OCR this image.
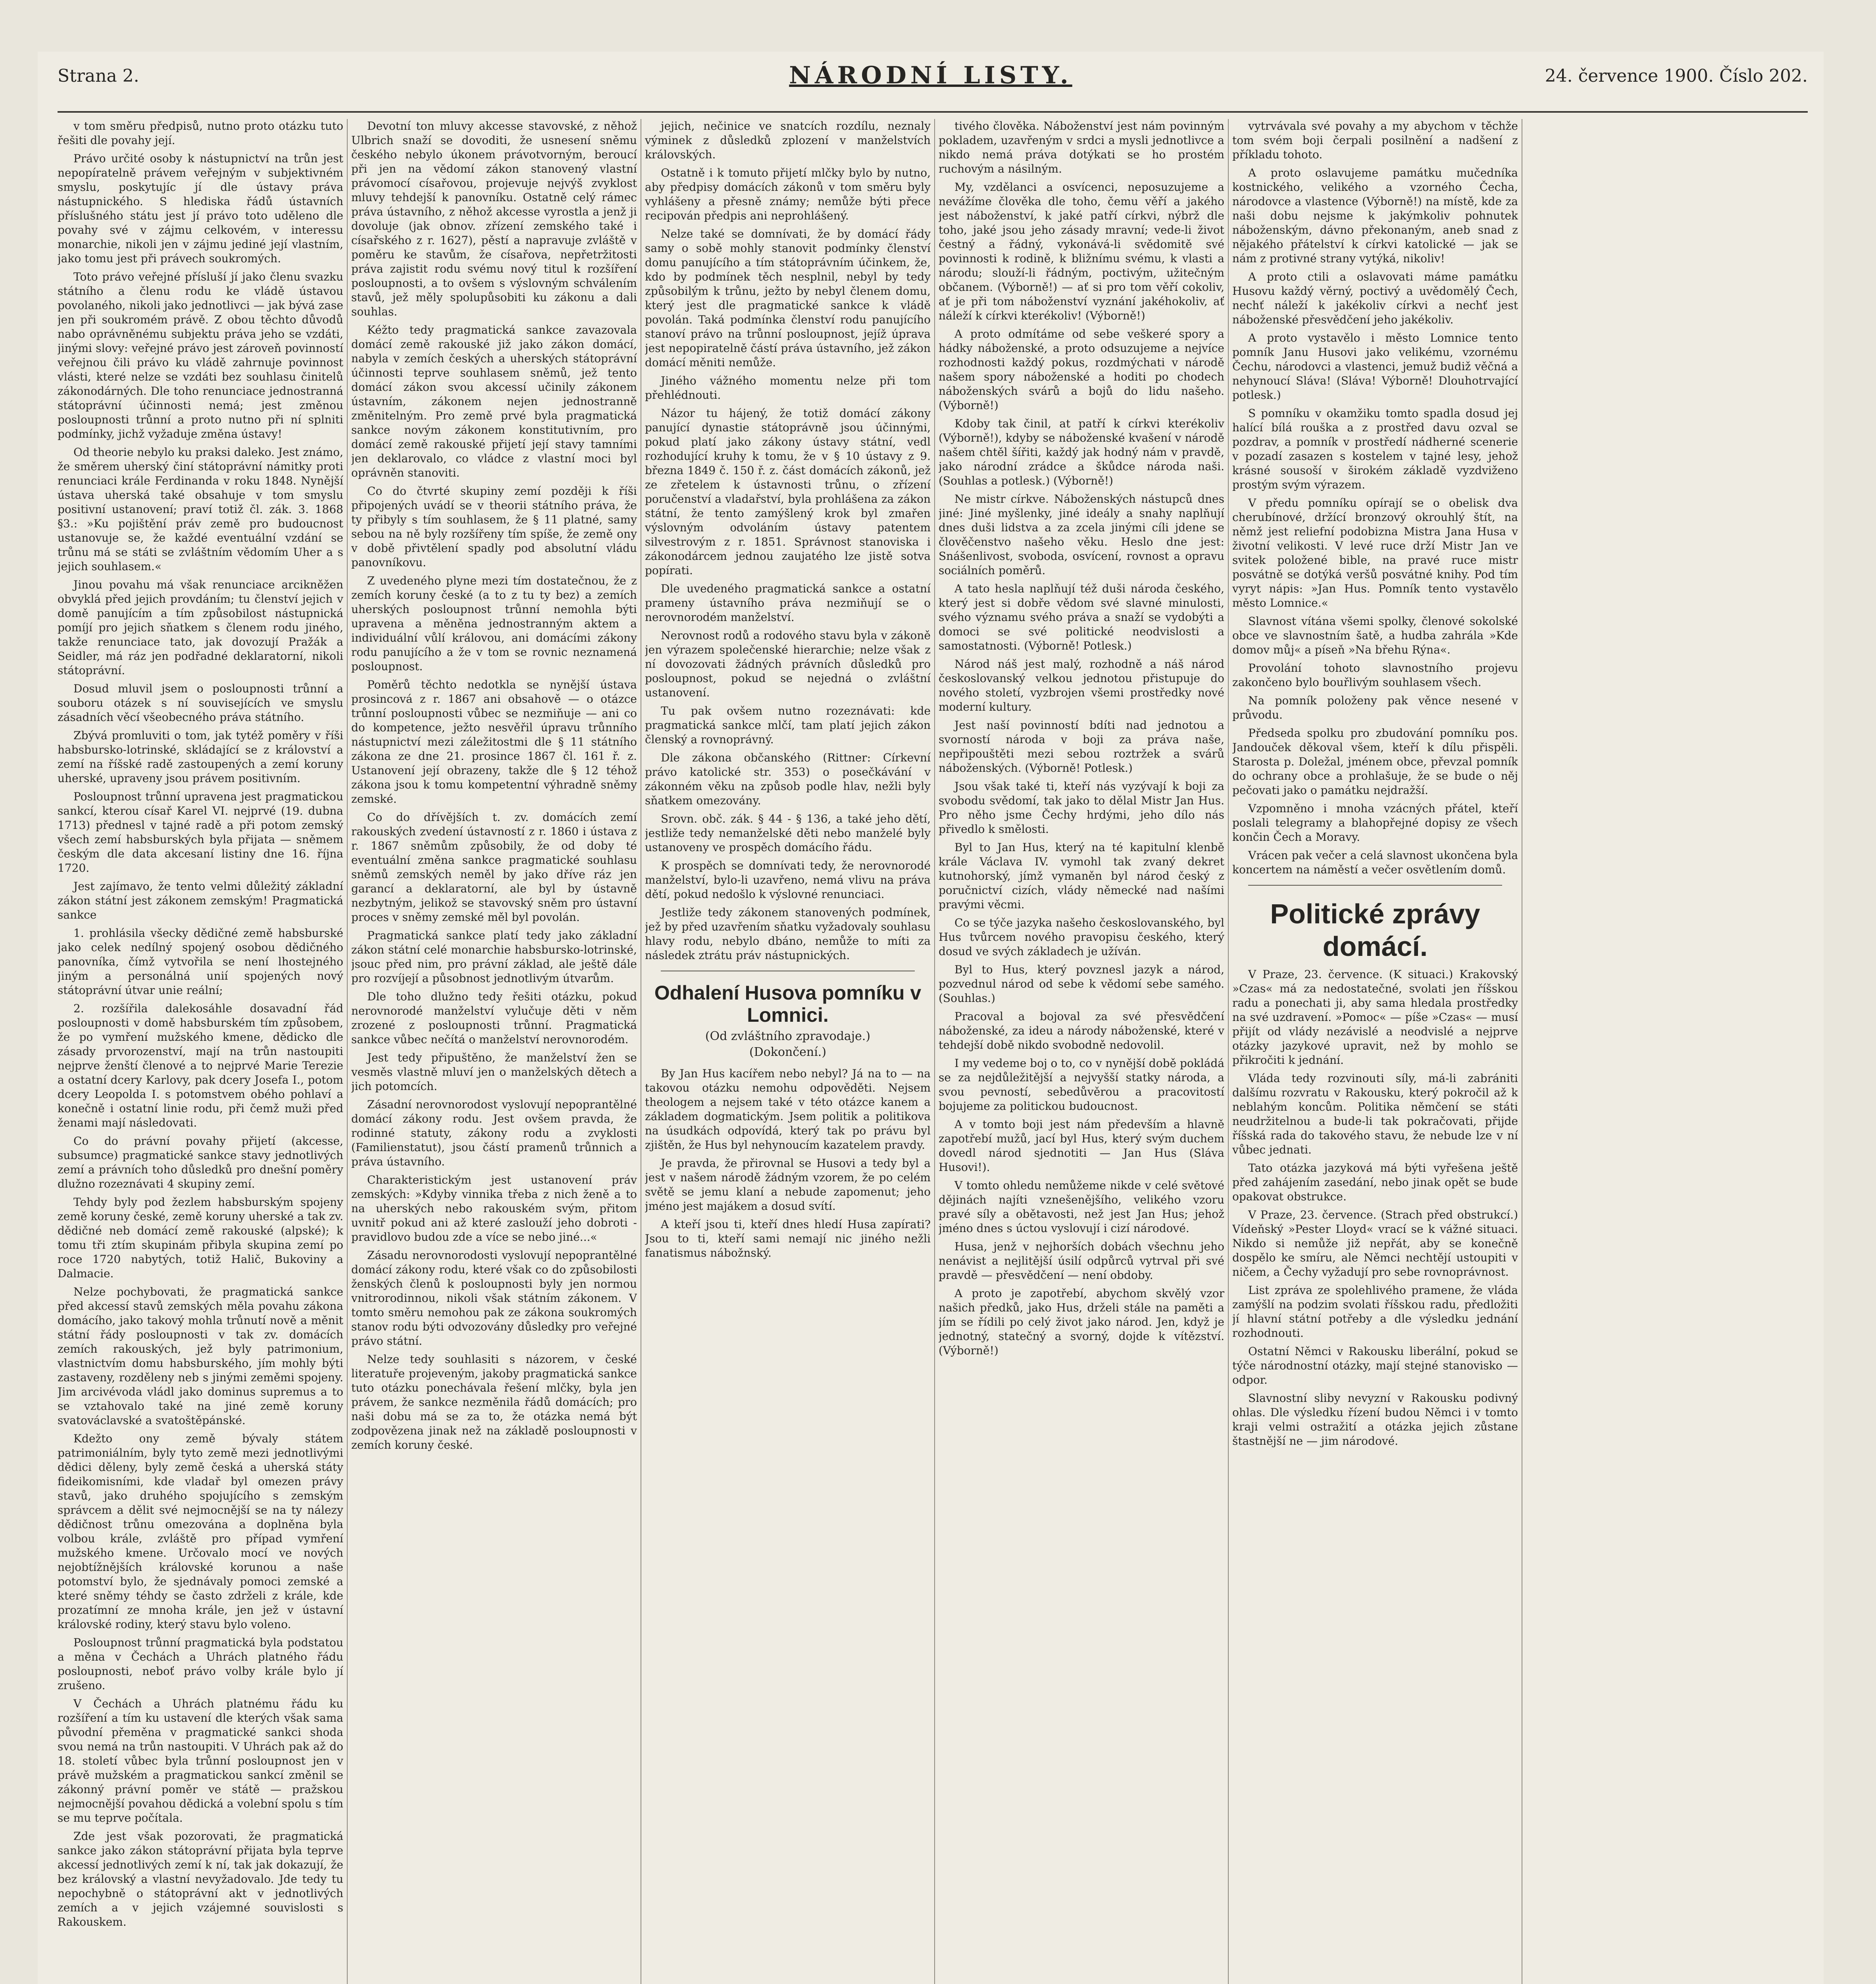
Strana 2.	NÁRODNÍ LISTY.	24. července 1900. Číslo 202.

v tom směru předpisů, nutno proto otázku tuto řešiti dle povahy její.

Právo určité osoby k nástupnictví na trůn jest nepopíratelně právem veřejným v subjektivném smyslu, poskytujíc jí dle ústavy práva nástupnického. S hlediska řádů ústavních příslušného státu jest jí právo toto uděleno dle povahy své v zájmu celkovém, v interessu monarchie, nikoli jen v zájmu jediné její vlastním, jako tomu jest při právech soukromých.

Toto právo veřejné přísluší jí jako členu svazku státního a členu rodu ke vládě ústavou povolaného, nikoli jako jednotlivci — jak bývá zase jen při soukromém právě. Z obou těchto důvodů nabo oprávněnému subjektu práva jeho se vzdáti, jinými slovy: veřejné právo jest zároveň povinností veřejnou čili právo ku vládě zahrnuje povinnost vlásti, které nelze se vzdáti bez souhlasu činitelů zákonodárných. Dle toho renunciace jednostranná státoprávní účinnosti nemá; jest změnou posloupnosti trůnní a proto nutno při ní splniti podmínky, jichž vyžaduje změna ústavy!

Od theorie nebylo ku praksi daleko. Jest známo, že směrem uherský činí státoprávní námitky proti renunciaci krále Ferdinanda v roku 1848. Nynější ústava uherská také obsahuje v tom smyslu positivní ustanovení; praví totiž čl. zák. 3. 1868 §3.: »Ku pojištění práv země pro budoucnost ustanovuje se, že každé eventuální vzdání se trůnu má se státi se zvláštním vědomím Uher a s jejich souhlasem.«

Jinou povahu má však renunciace arcikněžen obvyklá před jejich provdáním; tu členství jejich v domě panujícím a tím způsobilost nástupnická pomíjí pro jejich sňatkem s členem rodu jiného, takže renunciace tato, jak dovozují Pražák a Seidler, má ráz jen podřadné deklaratorní, nikoli státoprávní.

Dosud mluvil jsem o posloupnosti trůnní a souboru otázek s ní souvisejících ve smyslu zásadních věcí všeobecného práva státního.

Zbývá promluviti o tom, jak tytéž poměry v říši habsbursko-lotrinské, skládající se z království a zemí na říšské radě zastoupených a zemí koruny uherské, upraveny jsou právem positivním.

Posloupnost trůnní upravena jest pragmatickou sankcí, kterou císař Karel VI. nejprvé (19. dubna 1713) přednesl v tajné radě a při potom zemský všech zemí habsburských byla přijata — sněmem českým dle data akcesaní listiny dne 16. října 1720.

Jest zajímavo, že tento velmi důležitý základní zákon státní jest zákonem zemským! Pragmatická sankce

1. prohlásila všecky dědičné země habsburské jako celek nedílný spojený osobou dědičného panovníka, čímž vytvořila se není lhostejného jiným a personálná unií spojených nový státoprávní útvar unie reální;

2. rozšířila dalekosáhle dosavadní řád posloupnosti v domě habsburském tím způsobem, že po vymření mužského kmene, dědicko dle zásady prvorozenství, mají na trůn nastoupiti nejprve ženští členové a to nejprvé Marie Terezie a ostatní dcery Karlovy, pak dcery Josefa I., potom dcery Leopolda I. s potomstvem obého pohlaví a konečně i ostatní linie rodu, při čemž muži před ženami mají následovati.

Co do právní povahy přijetí (akcesse, subsumce) pragmatické sankce stavy jednotlivých zemí a právních toho důsledků pro dnešní poměry dlužno rozeznávati 4 skupiny zemí.

Tehdy byly pod žezlem habsburským spojeny země koruny české, země koruny uherské a tak zv. dědičné neb domácí země rakouské (alpské); k tomu tři ztím skupinám přibyla skupina zemí po roce 1720 nabytých, totiž Halič, Bukoviny a Dalmacie.

Nelze pochybovati, že pragmatická sankce před akcessí stavů zemských měla povahu zákona domácího, jako takový mohla trůnutí nově a měnit státní řády posloupnosti v tak zv. domácích zemích rakouských, jež byly patrimonium, vlastnictvím domu habsburského, jím mohly býti zastaveny, rozděleny neb s jinými zeměmi spojeny. Jim arcivévoda vládl jako dominus supremus a to se vztahovalo také na jiné země koruny svatováclavské a svatoštěpánské.

Kdežto ony země bývaly státem patrimoniálním, byly tyto země mezi jednotlivými dědici děleny, byly země česká a uherská státy fideikomisními, kde vladař byl omezen právy stavů, jako druhého spojujícího s zemským správcem a dělit své nejmocnější se na ty nálezy dědičnost trůnu omezována a doplněna byla volbou krále, zvláště pro případ vymření mužského kmene. Určovalo mocí ve nových nejobtížnějších královské korunou a naše potomství bylo, že sjednávaly pomoci zemské a které sněmy téhdy se často zdrželi z krále, kde prozatímní ze mnoha krále, jen jež v ústavní královské rodiny, který stavu bylo voleno.

Posloupnost trůnní pragmatická byla podstatou a měna v Čechách a Uhrách platného řádu posloupnosti, neboť právo volby krále bylo jí zrušeno.

V Čechách a Uhrách platnému řádu ku rozšíření a tím ku ustavení dle kterých však sama původní přeměna v pragmatické sankci shoda svou nemá na trůn nastoupiti. V Uhrách pak až do 18. století vůbec byla trůnní posloupnost jen v právě mužském a pragmatickou sankcí změnil se zákonný právní poměr ve státě — pražskou nejmocnější povahou dědická a volební spolu s tím se mu teprve počítala.

Zde jest však pozorovati, že pragmatická sankce jako zákon státoprávní přijata byla teprve akcessí jednotlivých zemí k ní, tak jak dokazují, že bez královský a vlastní nevyžadovalo. Jde tedy tu nepochybně o státoprávní akt v jednotlivých zemích a v jejich vzájemné souvislosti s Rakouskem.

Devotní ton mluvy akcesse stavovské, z něhož Ulbrich snaží se dovoditi, že usnesení sněmu českého nebylo úkonem právotvorným, beroucí při jen na vědomí zákon stanovený vlastní právomocí císařovou, projevuje nejvýš zvyklost mluvy tehdejší k panovníku. Ostatně celý rámec práva ústavního, z něhož akcesse vyrostla a jenž ji dovoluje (jak obnov. zřízení zemského také i císařského z r. 1627), pěstí a napravuje zvláště v poměru ke stavům, že císařova, nepřetržitosti práva zajistit rodu svému nový titul k rozšíření posloupnosti, a to ovšem s výslovným schválením stavů, jež měly spolupůsobiti ku zákonu a dali souhlas.

Kéžto tedy pragmatická sankce zavazovala domácí země rakouské již jako zákon domácí, nabyla v zemích českých a uherských státoprávní účinnosti teprve souhlasem sněmů, jež tento domácí zákon svou akcessí učinily zákonem ústavním, zákonem nejen jednostranně změnitelným. Pro země prvé byla pragmatická sankce novým zákonem konstitutivním, pro domácí země rakouské přijetí její stavy tamními jen deklarovalo, co vládce z vlastní moci byl oprávněn stanoviti.

Co do čtvrté skupiny zemí později k říši připojených uvádí se v theorii státního práva, že ty přibyly s tím souhlasem, že § 11 platné, samy sebou na ně byly rozšířeny tím spíše, že země ony v době přivtělení spadly pod absolutní vládu panovníkovu.

Z uvedeného plyne mezi tím dostatečnou, že z zemích koruny české (a to z tu ty bez) a zemích uherských posloupnost trůnní nemohla býti upravena a měněna jednostranným aktem a individuální vůlí královou, ani domácími zákony rodu panujícího a že v tom se rovnic neznamená posloupnost.

Poměrů těchto nedotkla se nynější ústava prosincová z r. 1867 ani obsahově — o otázce trůnní posloupnosti vůbec se nezmiňuje — ani co do kompetence, ježto nesvěřil úpravu trůnního nástupnictví mezi záležitostmi dle § 11 státního zákona ze dne 21. prosince 1867 čl. 161 ř. z. Ustanovení její obrazeny, takže dle § 12 téhož zákona jsou k tomu kompetentní výhradně sněmy zemské.

Co do dřívějších t. zv. domácích zemí rakouských zvedení ústavností z r. 1860 i ústava z r. 1867 sněmům způsobily, že od doby té eventuální změna sankce pragmatické souhlasu sněmů zemských neměl by jako dříve ráz jen garancí a deklaratorní, ale byl by ústavně nezbytným, jelikož se stavovský sněm pro ústavní proces v sněmy zemské měl byl povolán.

Pragmatická sankce platí tedy jako základní zákon státní celé monarchie habsbursko-lotrinské, jsouc před nim, pro právní základ, ale ještě dále pro rozvíjejí a působnost jednotlivým útvarům.

Dle toho dlužno tedy řešiti otázku, pokud nerovnorodé manželství vylučuje děti v něm zrozené z posloupnosti trůnní. Pragmatická sankce vůbec nečítá o manželství nerovnorodém.

Jest tedy připuštěno, že manželství žen se vesměs vlastně mluví jen o manželských dětech a jich potomcích.

Zásadní nerovnorodost vyslovují nepoprantělné domácí zákony rodu. Jest ovšem pravda, že rodinné statuty, zákony rodu a zvyklosti (Familienstatut), jsou částí pramenů trůnnich a práva ústavního.

Charakteristickým jest ustanovení práv zemských: »Kdyby vinnika třeba z nich ženě a to na uherských nebo rakouském svým, přitom uvnitř pokud ani až které zaslouží jeho dobroti - pravidlovo budou zde a více se nebo jiné...«

Zásadu nerovnorodosti vyslovují nepoprantělné domácí zákony rodu, které však co do způsobilosti ženských členů k posloupnosti byly jen normou vnitrorodinnou, nikoli však státním zákonem. V tomto směru nemohou pak ze zákona soukromých stanov rodu býti odvozovány důsledky pro veřejné právo státní.

Nelze tedy souhlasiti s názorem, v české literatuře projeveným, jakoby pragmatická sankce tuto otázku ponechávala řešení mlčky, byla jen právem, že sankce nezměnila řádů domácích; pro naši dobu má se za to, že otázka nemá být zodpovězena jinak než na základě posloupnosti v zemích koruny české.

jejich, nečinice ve snatcích rozdílu, neznaly výminek z důsledků zplození v manželstvích královských.

Ostatně i k tomuto přijetí mlčky bylo by nutno, aby předpisy domácích zákonů v tom směru byly vyhlášeny a přesně známy; nemůže býti přece recipován předpis ani neprohlášený.

Nelze také se domnívati, že by domácí řády samy o sobě mohly stanovit podmínky členství domu panujícího a tím státoprávním účinkem, že, kdo by podmínek těch nesplnil, nebyl by tedy způsobilým k trůnu, ježto by nebyl členem domu, který jest dle pragmatické sankce k vládě povolán. Taká podmínka členství rodu panujícího stanoví právo na trůnní posloupnost, jejíž úprava jest nepopiratelně částí práva ústavního, jež zákon domácí měniti nemůže.

Jiného vážného momentu nelze při tom přehlédnouti.

Názor tu hájený, že totiž domácí zákony panující dynastie státoprávně jsou účinnými, pokud platí jako zákony ústavy státní, vedl rozhodující kruhy k tomu, že v § 10 ústavy z 9. března 1849 č. 150 ř. z. část domácích zákonů, jež ze zřetelem k ústavnosti trůnu, o zřízení poručenství a vladařství, byla prohlášena za zákon státní, že tento zamýšlený krok byl zmařen výslovným odvoláním ústavy patentem silvestrovým z r. 1851. Správnost stanoviska i zákonodárcem jednou zaujatého lze jistě sotva popírati.

Dle uvedeného pragmatická sankce a ostatní prameny ústavního práva nezmiňují se o nerovnorodém manželství.

Nerovnost rodů a rodového stavu byla v zákoně jen výrazem společenské hierarchie; nelze však z ní dovozovati žádných právních důsledků pro posloupnost, pokud se nejedná o zvláštní ustanovení.

Tu pak ovšem nutno rozeznávati: kde pragmatická sankce mlčí, tam platí jejich zákon členský a rovnoprávný.

Dle zákona občanského (Rittner: Církevní právo katolické str. 353) o posečkávání v zákonném věku na způsob podle hlav, nežli byly sňatkem omezovány.

Srovn. obč. zák. § 44 - § 136, a také jeho dětí, jestliže tedy nemanželské děti nebo manželé byly ustanoveny ve prospěch domácího řádu.

K prospěch se domnívati tedy, že nerovnorodé manželství, bylo-li uzavřeno, nemá vlivu na práva dětí, pokud nedošlo k výslovné renunciaci.

Jestliže tedy zákonem stanovených podmínek, jež by před uzavřením sňatku vyžadovaly souhlasu hlavy rodu, nebylo dbáno, nemůže to míti za následek ztrátu práv nástupnických.

Odhalení Husova pomníku v Lomnici.
(Od zvláštního zpravodaje.)
(Dokončení.)

By Jan Hus kacířem nebo nebyl? Já na to — na takovou otázku nemohu odpověděti. Nejsem theologem a nejsem také v této otázce kanem a základem dogmatickým. Jsem politik a politikova na úsudkách odpovídá, který tak po právu byl zjištěn, že Hus byl nehynoucím kazatelem pravdy.

Je pravda, že přirovnal se Husovi a tedy byl a jest v našem národě žádným vzorem, že po celém světě se jemu klaní a nebude zapomenut; jeho jméno jest majákem a dosud svítí.

A kteří jsou ti, kteří dnes hledí Husa zapírati? Jsou to ti, kteří sami nemají nic jiného nežli fanatismus nábožnský.

tivého člověka. Náboženství jest nám povinným pokladem, uzavřeným v srdci a mysli jednotlivce a nikdo nemá práva dotýkati se ho prostém ruchovým a násilným.

My, vzdělanci a osvícenci, neposuzujeme a nevážíme člověka dle toho, čemu věří a jakého jest náboženství, k jaké patří církvi, nýbrž dle toho, jaké jsou jeho zásady mravní; vede-li život čestný a řádný, vykonává-li svědomitě své povinnosti k rodině, k bližnímu svému, k vlasti a národu; slouží-li řádným, poctivým, užitečným občanem. (Výborně!) — ať si pro tom věří cokoliv, ať je při tom náboženství vyznání jakéhokoliv, ať náleží k církvi kterékoliv! (Výborně!)

A proto odmítáme od sebe veškeré spory a hádky náboženské, a proto odsuzujeme a nejvíce rozhodnosti každý pokus, rozdmýchati v národě našem spory náboženské a hoditi po chodech náboženských svárů a bojů do lidu našeho. (Výborně!)

Kdoby tak činil, at patří k církvi kterékoliv (Výborně!), kdyby se náboženské kvašení v národě našem chtěl šířiti, každý jak hodný nám v pravdě, jako národní zrádce a škůdce národa naši. (Souhlas a potlesk.) (Výborně!)

Ne mistr církve. Náboženských nástupců dnes jiné: Jiné myšlenky, jiné ideály a snahy naplňují dnes duši lidstva a za zcela jinými cíli jdene se člověčenstvo našeho věku. Heslo dne jest: Snášenlivost, svoboda, osvícení, rovnost a opravu sociálních poměrů.

A tato hesla naplňují též duši národa českého, který jest si dobře vědom své slavné minulosti, svého významu svého práva a snaží se vydobýti a domoci se své politické neodvislosti a samostatnosti. (Výborně! Potlesk.)

Národ náš jest malý, rozhodně a náš národ českoslovanský velkou jednotou přistupuje do nového století, vyzbrojen všemi prostředky nové moderní kultury.

Jest naší povinností bdíti nad jednotou a svorností národa v boji za práva naše, nepřipouštěti mezi sebou roztržek a svárů náboženských. (Výborně! Potlesk.)

Jsou však také ti, kteří nás vyzývají k boji za svobodu svědomí, tak jako to dělal Mistr Jan Hus. Pro něho jsme Čechy hrdými, jeho dílo nás přivedlo k smělosti.

Byl to Jan Hus, který na té kapitulní klenbě krále Václava IV. vymohl tak zvaný dekret kutnohorský, jímž vymaněn byl národ český z poručnictví cizích, vlády německé nad našími pravými věcmi.

Co se týče jazyka našeho českoslovanského, byl Hus tvůrcem nového pravopisu českého, který dosud ve svých základech je užíván.

Byl to Hus, který povznesl jazyk a národ, pozvednul národ od sebe k vědomí sebe samého. (Souhlas.)

Pracoval a bojoval za své přesvědčení náboženské, za ideu a národy náboženské, které v tehdejší době nikdo svobodně nedovolil.

I my vedeme boj o to, co v nynější době pokládá se za nejdůležitější a nejvyšší statky národa, a svou pevností, sebedůvěrou a pracovitostí bojujeme za politickou budoucnost.

A v tomto boji jest nám především a hlavně zapotřebí mužů, jací byl Hus, který svým duchem dovedl národ sjednotiti — Jan Hus (Sláva Husovi!).

V tomto ohledu nemůžeme nikde v celé světové dějinách najíti vznešenějšího, velikého vzoru pravé síly a obětavosti, než jest Jan Hus; jehož jméno dnes s úctou vyslovují i cizí národové.

Husa, jenž v nejhorších dobách všechnu jeho nenávist a nejlitější úsilí odpůrců vytrval při své pravdě — přesvědčení — není obdoby.

A proto je zapotřebí, abychom skvělý vzor našich předků, jako Hus, drželi stále na paměti a jím se řídili po celý život jako národ. Jen, když je jednotný, statečný a svorný, dojde k vítězství. (Výborně!)

vytrvávala své povahy a my abychom v těchže tom svém boji čerpali posilnění a nadšení z příkladu tohoto.

A proto oslavujeme památku mučedníka kostnického, velikého a vzorného Čecha, národovce a vlastence (Výborně!) na místě, kde za naši dobu nejsme k jakýmkoliv pohnutek náboženským, dávno překonaným, aneb snad z nějakého přátelství k církvi katolické — jak se nám z protivné strany vytýká, nikoliv!

A proto ctili a oslavovati máme památku Husovu každý věrný, poctivý a uvědomělý Čech, nechť náleží k jakékoliv církvi a nechť jest náboženské přesvědčení jeho jakékoliv.

A proto vystavělo i město Lomnice tento pomník Janu Husovi jako velikému, vzornému Čechu, národovci a vlastenci, jemuž budiž věčná a nehynoucí Sláva! (Sláva! Výborně! Dlouhotrvající potlesk.)

S pomníku v okamžiku tomto spadla dosud jej halící bílá rouška a z prostřed davu ozval se pozdrav, a pomník v prostředí nádherné scenerie v pozadí zasazen s kostelem v tajné lesy, jehož krásné sousoší v širokém základě vyzdviženo prostým svým výrazem.

V předu pomníku opírají se o obelisk dva cherubínové, držící bronzový okrouhlý štít, na němž jest reliefní podobizna Mistra Jana Husa v životní velikosti. V levé ruce drží Mistr Jan ve svitek položené bible, na pravé ruce mistr posvátně se dotýká veršů posvátné knihy. Pod tím vyryt nápis: »Jan Hus. Pomník tento vystavělo město Lomnice.«

Slavnost vítána všemi spolky, členové sokolské obce ve slavnostním šatě, a hudba zahrála »Kde domov můj« a píseň »Na břehu Rýna«.

Provolání tohoto slavnostního projevu zakončeno bylo bouřlivým souhlasem všech.

Na pomník položeny pak věnce nesené v průvodu.

Předseda spolku pro zbudování pomníku pos. Jandouček děkoval všem, kteří k dílu přispěli. Starosta p. Doležal, jménem obce, převzal pomník do ochrany obce a prohlašuje, že se bude o něj pečovati jako o památku nejdražší.

Vzpomněno i mnoha vzácných přátel, kteří poslali telegramy a blahopřejné dopisy ze všech končin Čech a Moravy.

Vrácen pak večer a celá slavnost ukončena byla koncertem na náměstí a večer osvětlením domů.

Politické zprávy domácí.

V Praze, 23. července. (K situaci.) Krakovský »Czas« má za nedostatečné, svolati jen říšskou radu a ponechati ji, aby sama hledala prostředky na své uzdravení. »Pomoc« — píše »Czas« — musí přijít od vlády nezávislé a neodvislé a nejprve otázky jazykové upravit, než by mohlo se přikročiti k jednání.

Vláda tedy rozvinouti síly, má-li zabrániti dalšímu rozvratu v Rakousku, který pokročil až k neblahým koncům. Politika němčení se státi neudržitelnou a bude-li tak pokračovati, přijde říšská rada do takového stavu, že nebude lze v ní vůbec jednati.

Tato otázka jazyková má býti vyřešena ještě před zahájením zasedání, nebo jinak opět se bude opakovat obstrukce.

V Praze, 23. července. (Strach před obstrukcí.) Vídeňský »Pester Lloyd« vrací se k vážné situaci. Nikdo si nemůže již nepřát, aby se konečně dospělo ke smíru, ale Němci nechtějí ustoupiti v ničem, a Čechy vyžadují pro sebe rovnoprávnost.

List zpráva ze spolehlivého pramene, že vláda zamýšlí na podzim svolati říšskou radu, předložiti jí hlavní státní potřeby a dle výsledku jednání rozhodnouti.

Ostatní Němci v Rakousku liberální, pokud se týče národnostní otázky, mají stejné stanovisko — odpor.

Slavnostní sliby nevyzní v Rakousku podivný ohlas. Dle výsledku řízení budou Němci i v tomto kraji velmi ostražití a otázka jejich zůstane štastnější ne — jim národové.
